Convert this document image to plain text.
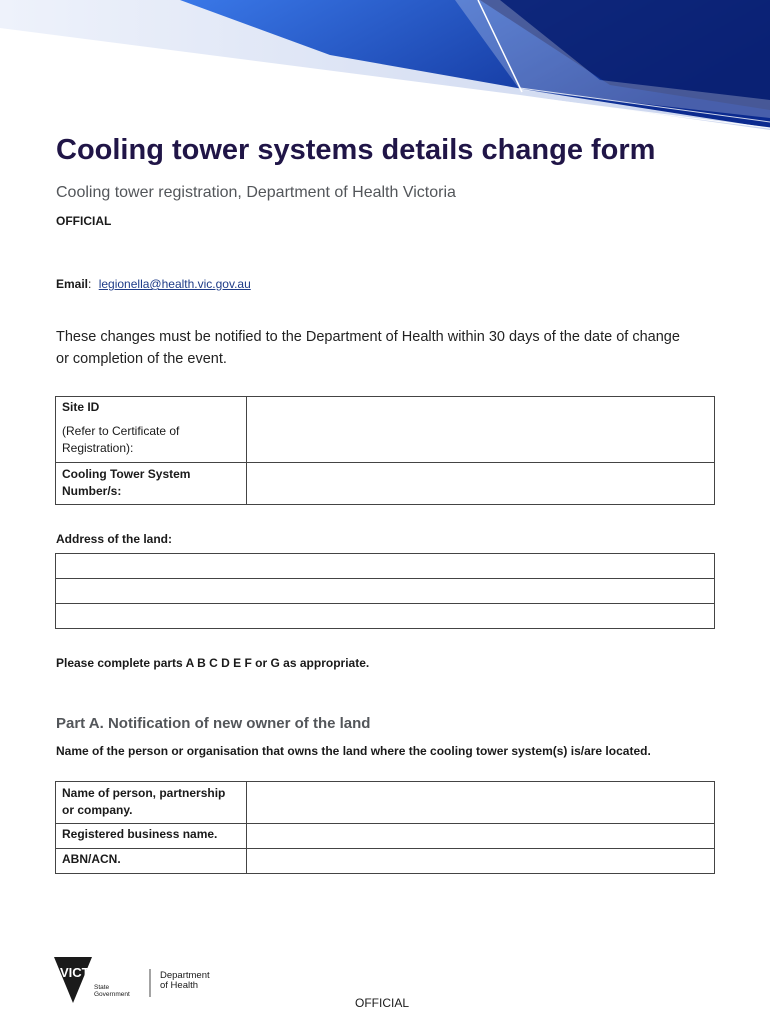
Cooling tower systems details change form
Cooling tower registration, Department of Health Victoria
OFFICIAL
Email: legionella@health.vic.gov.au
These changes must be notified to the Department of Health within 30 days of the date of change or completion of the event.
Site ID
(Refer to Certificate of Registration):	

Cooling Tower System Number/s:	
Address of the land:

Please complete parts A B C D E F or G as appropriate.
Part A. Notification of new owner of the land
Name of the person or organisation that owns the land where the cooling tower system(s) is/are located.
Name of person, partnership or company.	
Registered business name.	
ABN/ACN.	
VICTORIA
State
Government
Department
of Health
OFFICIAL
